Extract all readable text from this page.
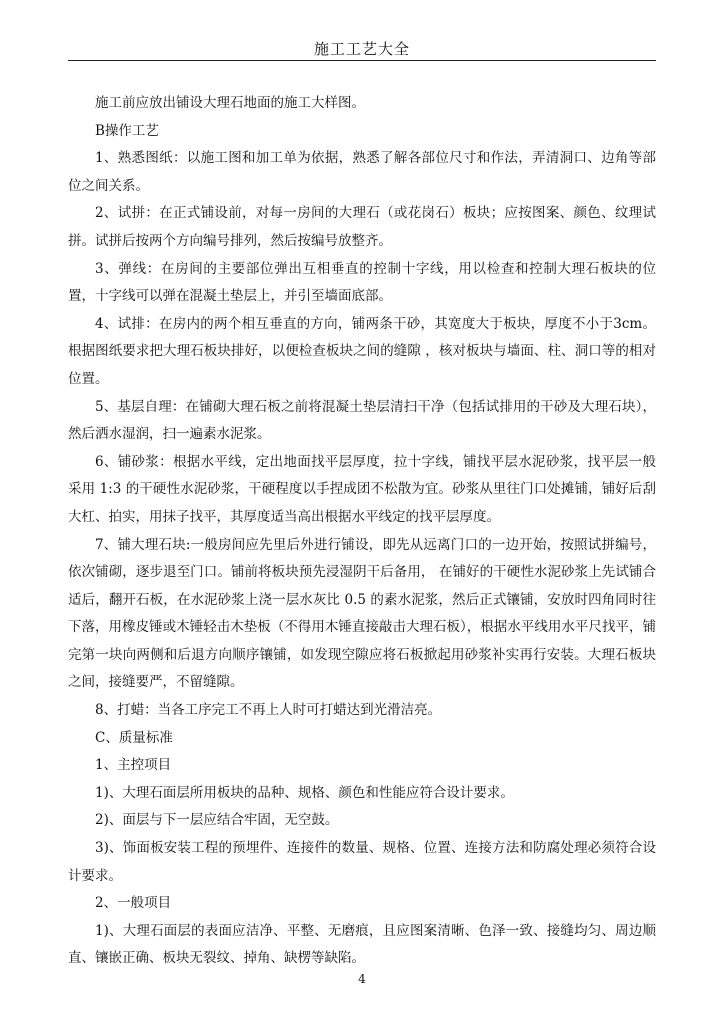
施工工艺大全

施工前应放出铺设大理石地面的施工大样图。

B操作工艺

1、熟悉图纸：以施工图和加工单为依据，熟悉了解各部位尺寸和作法，弄清洞口、边角等部位之间关系。

2、试拼：在正式铺设前，对每一房间的大理石（或花岗石）板块；应按图案、颜色、纹理试拼。试拼后按两个方向编号排列，然后按编号放整齐。

3、弹线：在房间的主要部位弹出互相垂直的控制十字线，用以检查和控制大理石板块的位置，十字线可以弹在混凝土垫层上，并引至墙面底部。

4、试排：在房内的两个相互垂直的方向，铺两条干砂，其宽度大于板块，厚度不小于3cm。根据图纸要求把大理石板块排好，以便检查板块之间的缝隙 ，核对板块与墙面、柱、洞口等的相对位置。

5、基层自理：在铺砌大理石板之前将混凝土垫层清扫干净（包括试排用的干砂及大理石块），然后洒水湿润，扫一遍素水泥浆。

6、铺砂浆：根据水平线，定出地面找平层厚度，拉十字线，铺找平层水泥砂浆，找平层一般采用 1:3 的干硬性水泥砂浆，干硬程度以手捏成团不松散为宜。砂浆从里往门口处摊铺，铺好后刮大杠、拍实，用抹子找平，其厚度适当高出根据水平线定的找平层厚度。

7、铺大理石块:一般房间应先里后外进行铺设，即先从远离门口的一边开始，按照试拼编号，依次铺砌，逐步退至门口。铺前将板块预先浸湿阴干后备用， 在铺好的干硬性水泥砂浆上先试铺合适后，翻开石板，在水泥砂浆上浇一层水灰比 0.5 的素水泥浆，然后正式镶铺，安放时四角同时往下落，用橡皮锤或木锤轻击木垫板（不得用木锤直接敲击大理石板），根据水平线用水平尺找平，铺完第一块向两侧和后退方向顺序镶铺，如发现空隙应将石板掀起用砂浆补实再行安装。大理石板块之间，接缝要严，不留缝隙。

8、打蜡：当各工序完工不再上人时可打蜡达到光滑洁亮。

C、质量标准

1、主控项目

1)、大理石面层所用板块的品种、规格、颜色和性能应符合设计要求。

2)、面层与下一层应结合牢固，无空鼓。

3)、饰面板安装工程的预埋件、连接件的数量、规格、位置、连接方法和防腐处理必须符合设计要求。

2、一般项目

1)、大理石面层的表面应洁净、平整、无磨痕，且应图案清晰、色泽一致、接缝均匀、周边顺直、镶嵌正确、板块无裂纹、掉角、缺楞等缺陷。

4
